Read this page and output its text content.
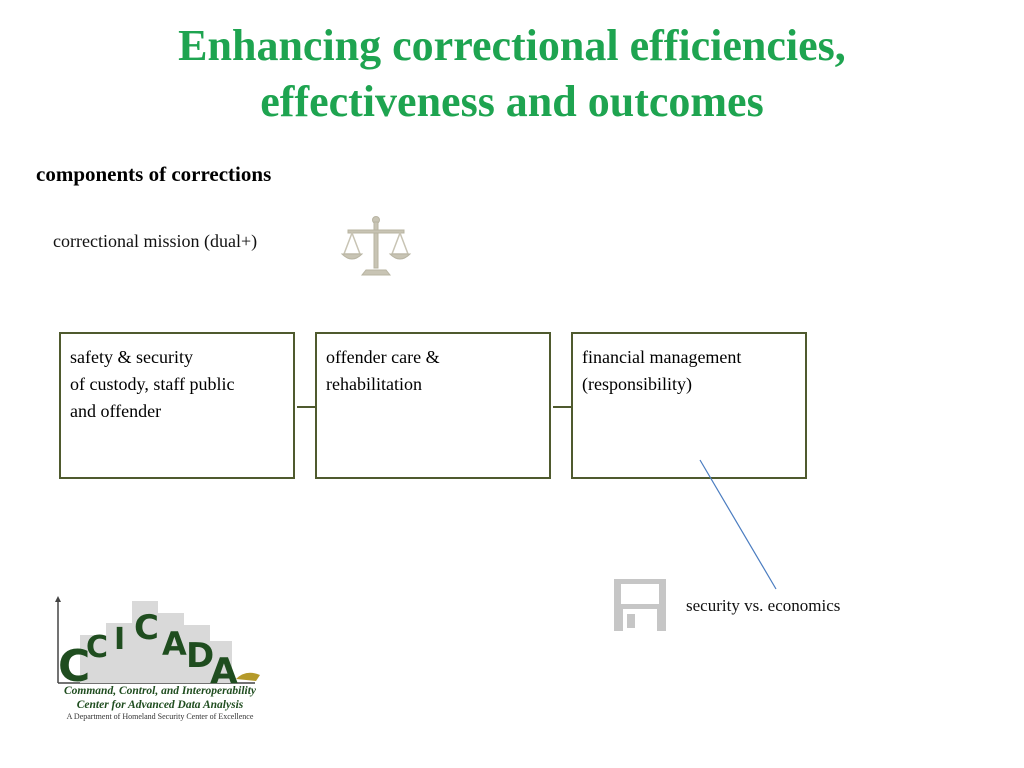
Enhancing correctional efficiencies,
effectiveness and outcomes
components of corrections
correctional mission (dual+)
safety & security
of custody, staff public
and offender
offender care &
rehabilitation
financial management
(responsibility)
security vs. economics
C
C I C A D
A
Command, Control, and Interoperability
Center for Advanced Data Analysis
A Department of Homeland Security Center of Excellence
